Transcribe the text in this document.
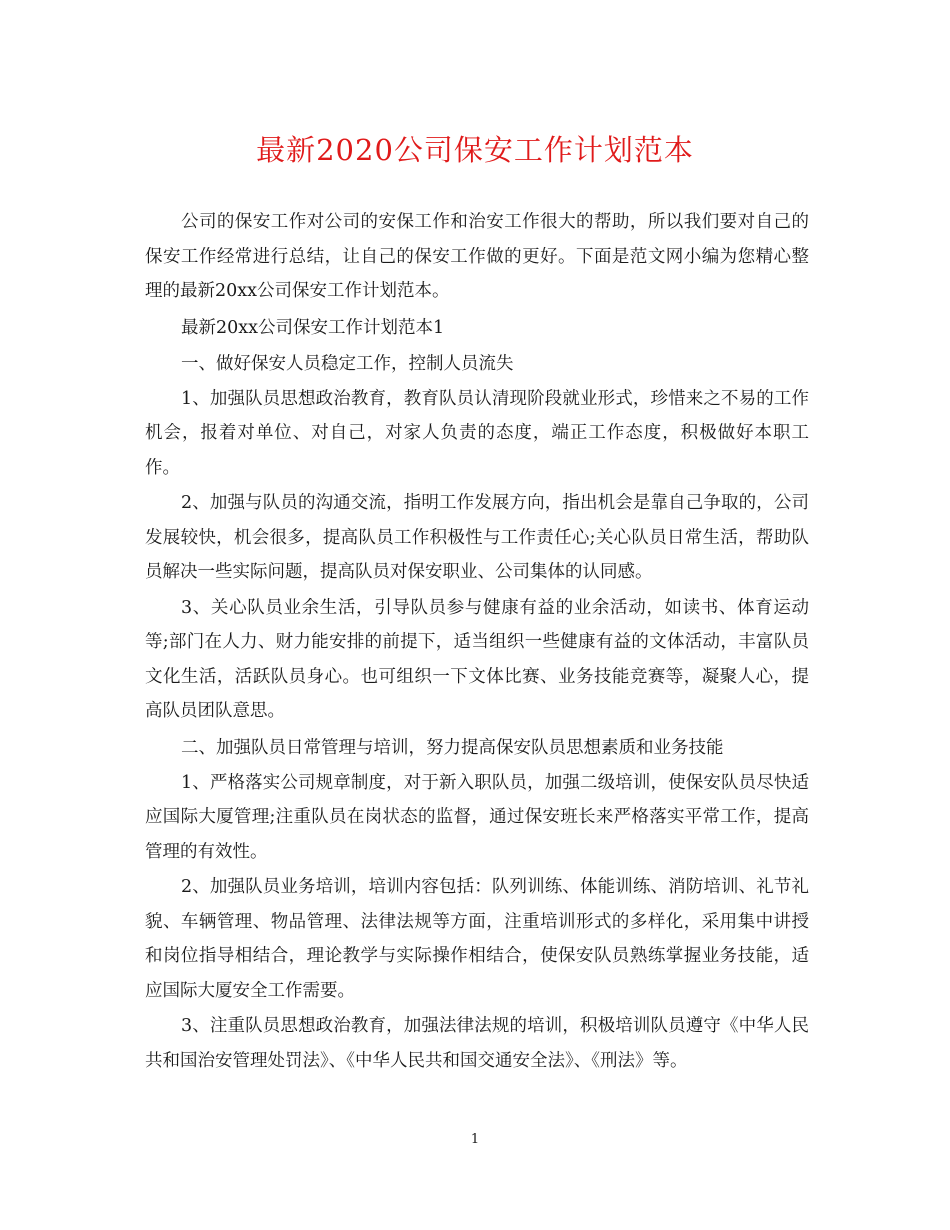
最新2020公司保安工作计划范本

公司的保安工作对公司的安保工作和治安工作很大的帮助，所以我们要对自己的保安工作经常进行总结，让自己的保安工作做的更好。下面是范文网小编为您精心整理的最新20xx公司保安工作计划范本。

最新20xx公司保安工作计划范本1

一、做好保安人员稳定工作，控制人员流失

1、加强队员思想政治教育，教育队员认清现阶段就业形式，珍惜来之不易的工作机会，报着对单位、对自己，对家人负责的态度，端正工作态度，积极做好本职工作。

2、加强与队员的沟通交流，指明工作发展方向，指出机会是靠自己争取的，公司发展较快，机会很多，提高队员工作积极性与工作责任心;关心队员日常生活，帮助队员解决一些实际问题，提高队员对保安职业、公司集体的认同感。

3、关心队员业余生活，引导队员参与健康有益的业余活动，如读书、体育运动等;部门在人力、财力能安排的前提下，适当组织一些健康有益的文体活动，丰富队员文化生活，活跃队员身心。也可组织一下文体比赛、业务技能竞赛等，凝聚人心，提高队员团队意思。

二、加强队员日常管理与培训，努力提高保安队员思想素质和业务技能

1、严格落实公司规章制度，对于新入职队员，加强二级培训，使保安队员尽快适应国际大厦管理;注重队员在岗状态的监督，通过保安班长来严格落实平常工作，提高管理的有效性。

2、加强队员业务培训，培训内容包括：队列训练、体能训练、消防培训、礼节礼貌、车辆管理、物品管理、法律法规等方面，注重培训形式的多样化，采用集中讲授和岗位指导相结合，理论教学与实际操作相结合，使保安队员熟练掌握业务技能，适应国际大厦安全工作需要。

3、注重队员思想政治教育，加强法律法规的培训，积极培训队员遵守《中华人民共和国治安管理处罚法》、《中华人民共和国交通安全法》、《刑法》等。

1
